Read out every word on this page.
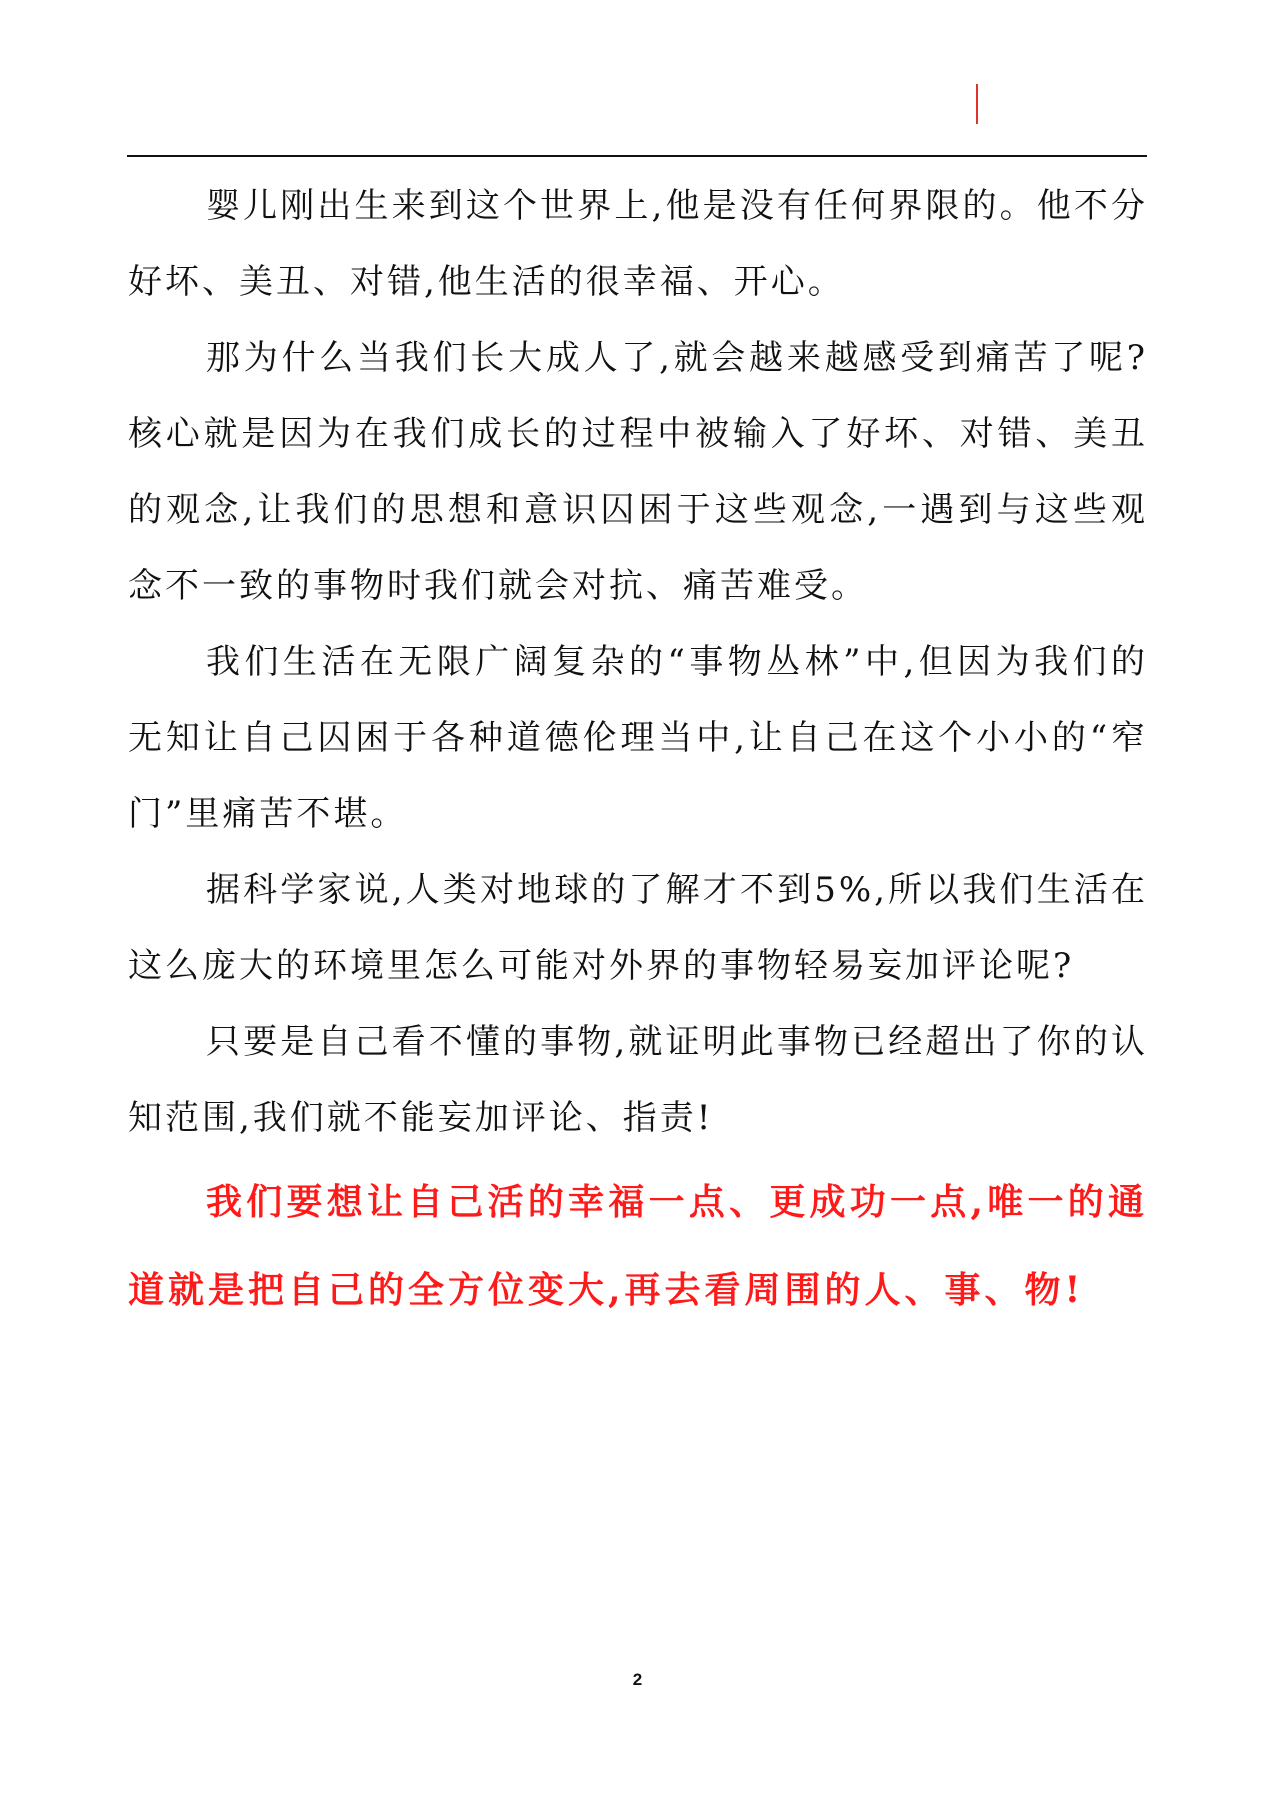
婴儿刚出生来到这个世界上,他是没有任何界限的。他不分好坏、美丑、对错,他生活的很幸福、开心。

那为什么当我们长大成人了,就会越来越感受到痛苦了呢?核心就是因为在我们成长的过程中被输入了好坏、对错、美丑的观念,让我们的思想和意识囚困于这些观念,一遇到与这些观念不一致的事物时我们就会对抗、痛苦难受。

我们生活在无限广阔复杂的“事物丛林”中,但因为我们的无知让自己囚困于各种道德伦理当中,让自己在这个小小的“窄门”里痛苦不堪。

据科学家说,人类对地球的了解才不到5%,所以我们生活在这么庞大的环境里怎么可能对外界的事物轻易妄加评论呢?

只要是自己看不懂的事物,就证明此事物已经超出了你的认知范围,我们就不能妄加评论、指责!

我们要想让自己活的幸福一点、更成功一点,唯一的通道就是把自己的全方位变大,再去看周围的人、事、物!

2
